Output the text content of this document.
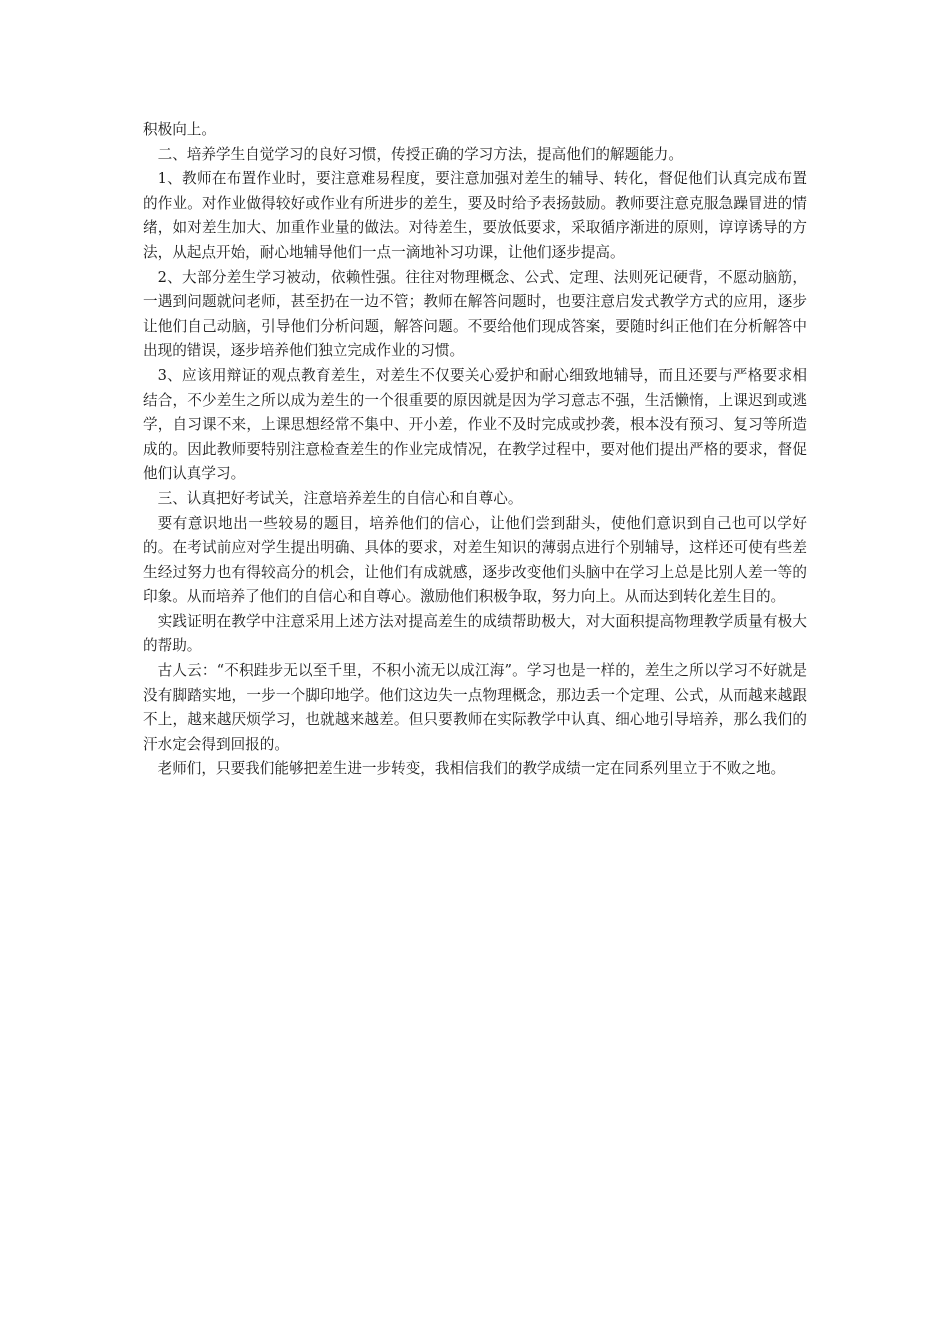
积极向上。

二、培养学生自觉学习的良好习惯，传授正确的学习方法，提高他们的解题能力。

1、教师在布置作业时，要注意难易程度，要注意加强对差生的辅导、转化，督促他们认真完成布置的作业。对作业做得较好或作业有所进步的差生，要及时给予表扬鼓励。教师要注意克服急躁冒进的情绪，如对差生加大、加重作业量的做法。对待差生，要放低要求，采取循序渐进的原则，谆谆诱导的方法，从起点开始，耐心地辅导他们一点一滴地补习功课，让他们逐步提高。

2、大部分差生学习被动，依赖性强。往往对物理概念、公式、定理、法则死记硬背，不愿动脑筋，一遇到问题就问老师，甚至扔在一边不管；教师在解答问题时，也要注意启发式教学方式的应用，逐步让他们自己动脑，引导他们分析问题，解答问题。不要给他们现成答案，要随时纠正他们在分析解答中出现的错误，逐步培养他们独立完成作业的习惯。

3、应该用辩证的观点教育差生，对差生不仅要关心爱护和耐心细致地辅导，而且还要与严格要求相结合，不少差生之所以成为差生的一个很重要的原因就是因为学习意志不强，生活懒惰，上课迟到或逃学，自习课不来，上课思想经常不集中、开小差，作业不及时完成或抄袭，根本没有预习、复习等所造成的。因此教师要特别注意检查差生的作业完成情况，在教学过程中，要对他们提出严格的要求，督促他们认真学习。

三、认真把好考试关，注意培养差生的自信心和自尊心。

要有意识地出一些较易的题目，培养他们的信心，让他们尝到甜头，使他们意识到自己也可以学好的。在考试前应对学生提出明确、具体的要求，对差生知识的薄弱点进行个别辅导，这样还可使有些差生经过努力也有得较高分的机会，让他们有成就感，逐步改变他们头脑中在学习上总是比别人差一等的印象。从而培养了他们的自信心和自尊心。激励他们积极争取，努力向上。从而达到转化差生目的。

实践证明在教学中注意采用上述方法对提高差生的成绩帮助极大，对大面积提高物理教学质量有极大的帮助。

古人云：“不积跬步无以至千里，不积小流无以成江海”。学习也是一样的，差生之所以学习不好就是没有脚踏实地，一步一个脚印地学。他们这边失一点物理概念，那边丢一个定理、公式，从而越来越跟不上，越来越厌烦学习，也就越来越差。但只要教师在实际教学中认真、细心地引导培养，那么我们的汗水定会得到回报的。

老师们，只要我们能够把差生进一步转变，我相信我们的教学成绩一定在同系列里立于不败之地。
